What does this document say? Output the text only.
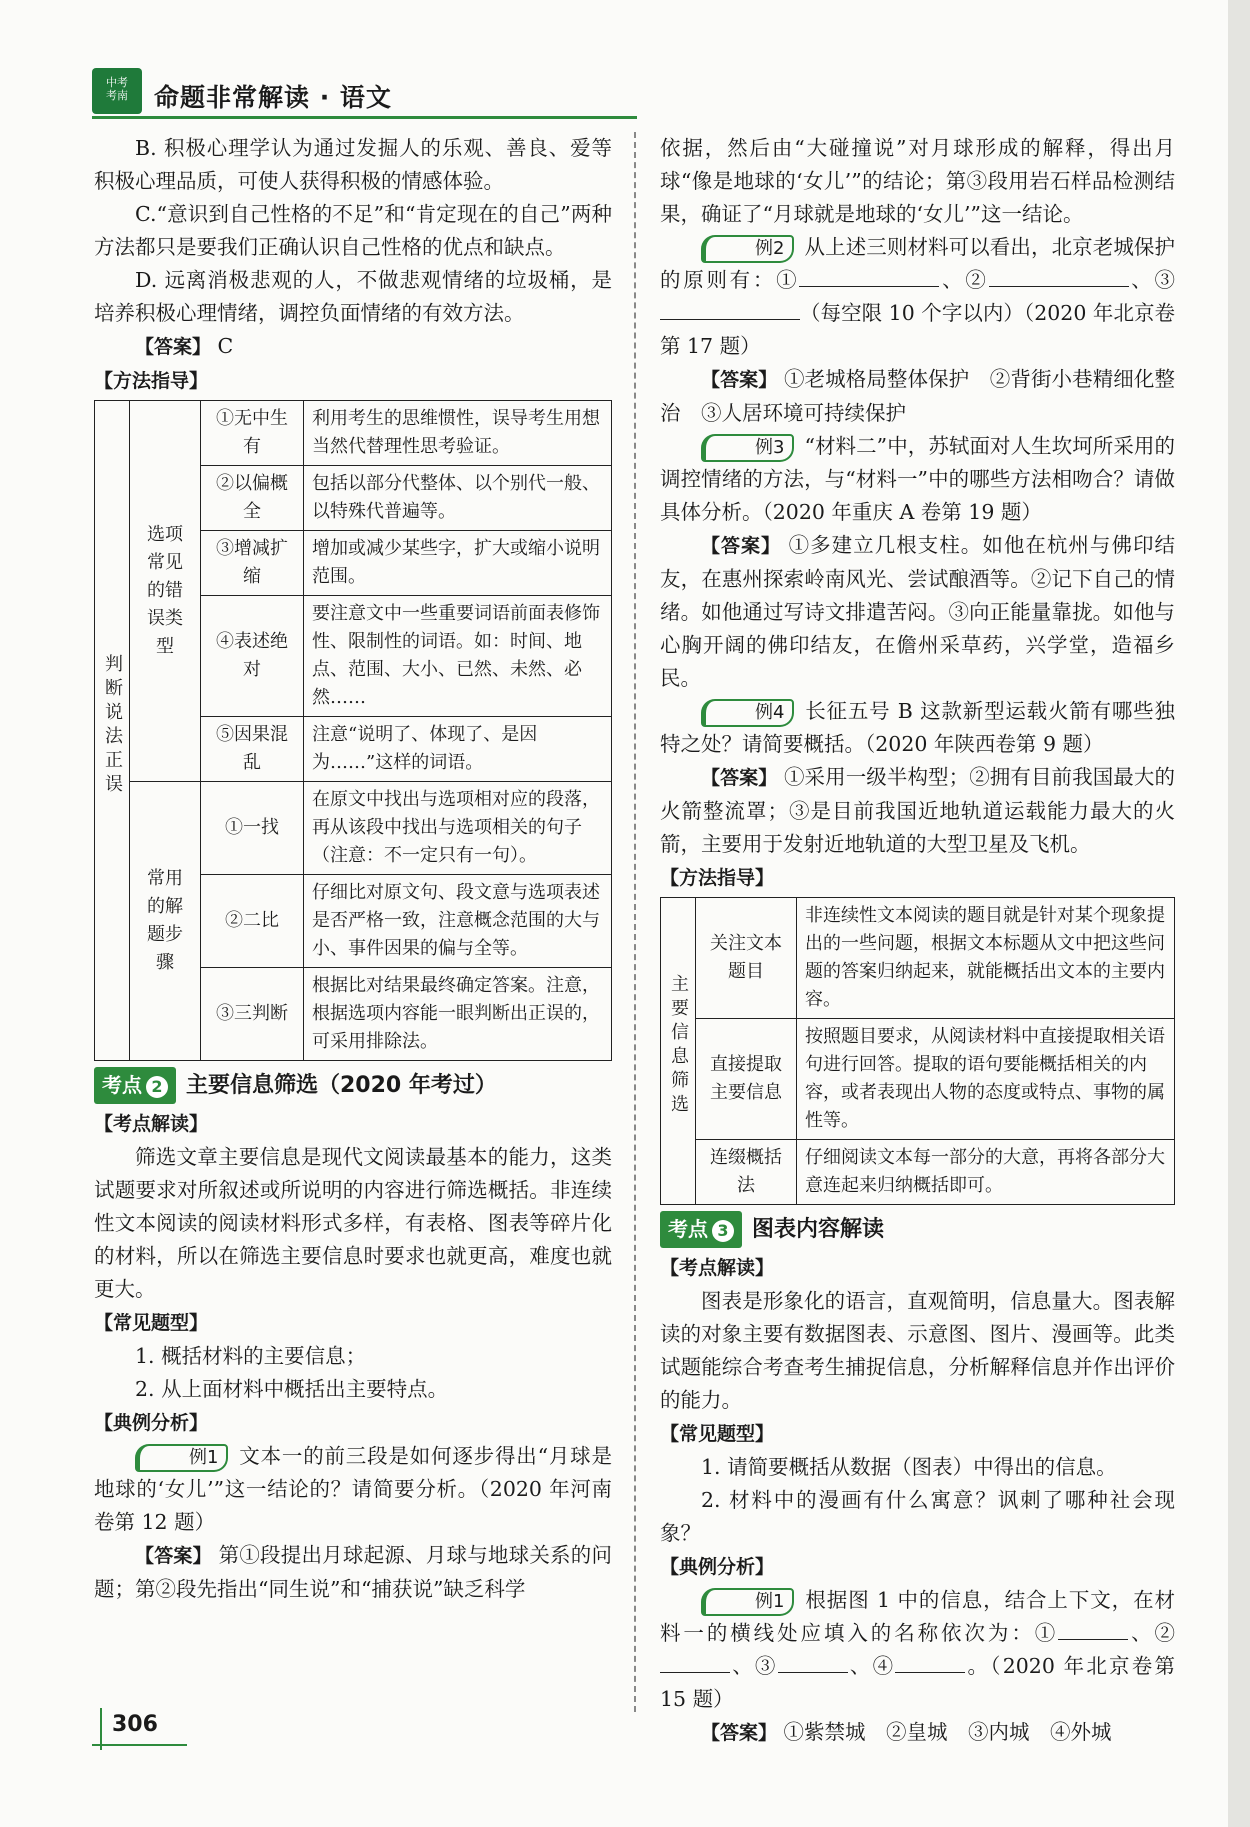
中考
考南	命题非常解读 · 语文

B. 积极心理学认为通过发掘人的乐观、善良、爱等积极心理品质，可使人获得积极的情感体验。

C.“意识到自己性格的不足”和“肯定现在的自己”两种方法都只是要我们正确认识自己性格的优点和缺点。

D. 远离消极悲观的人，不做悲观情绪的垃圾桶，是培养积极心理情绪，调控负面情绪的有效方法。

【答案】 C

【方法指导】

判断说法正误	选项常见的错误类型	①无中生有	利用考生的思维惯性，误导考生用想当然代替理性思考验证。
		②以偏概全	包括以部分代整体、以个别代一般、以特殊代普遍等。
		③增减扩缩	增加或减少某些字，扩大或缩小说明范围。
		④表述绝对	要注意文中一些重要词语前面表修饰性、限制性的词语。如：时间、地点、范围、大小、已然、未然、必然……
		⑤因果混乱	注意“说明了、体现了、是因为……”这样的词语。
	常用的解题步骤	①一找	在原文中找出与选项相对应的段落，再从该段中找出与选项相关的句子（注意：不一定只有一句）。
		②二比	仔细比对原文句、段文意与选项表述是否严格一致，注意概念范围的大与小、事件因果的偏与全等。
		③三判断	根据比对结果最终确定答案。注意，根据选项内容能一眼判断出正误的，可采用排除法。
考点 2	主要信息筛选（2020 年考过）

【考点解读】

筛选文章主要信息是现代文阅读最基本的能力，这类试题要求对所叙述或所说明的内容进行筛选概括。非连续性文本阅读的阅读材料形式多样，有表格、图表等碎片化的材料，所以在筛选主要信息时要求也就更高，难度也就更大。

【常见题型】

1. 概括材料的主要信息；

2. 从上面材料中概括出主要特点。

【典例分析】

例1 文本一的前三段是如何逐步得出“月球是地球的‘女儿’”这一结论的？请简要分析。（2020 年河南卷第 12 题）

【答案】 第①段提出月球起源、月球与地球关系的问题；第②段先指出“同生说”和“捕获说”缺乏科学

依据，然后由“大碰撞说”对月球形成的解释，得出月球“像是地球的‘女儿’”的结论；第③段用岩石样品检测结果，确证了“月球就是地球的‘女儿’”这一结论。

例2 从上述三则材料可以看出，北京老城保护的原则有：①	、②	、③（每空限 10 个字以内）（2020 年北京卷第 17 题）

【答案】 ①老城格局整体保护　②背街小巷精细化整治　③人居环境可持续保护

例3 “材料二”中，苏轼面对人生坎坷所采用的调控情绪的方法，与“材料一”中的哪些方法相吻合？请做具体分析。（2020 年重庆 A 卷第 19 题）

【答案】 ①多建立几根支柱。如他在杭州与佛印结友，在惠州探索岭南风光、尝试酿酒等。②记下自己的情绪。如他通过写诗文排遣苦闷。③向正能量靠拢。如他与心胸开阔的佛印结友，在儋州采草药，兴学堂，造福乡民。

例4 长征五号 B 这款新型运载火箭有哪些独特之处？请简要概括。（2020 年陕西卷第 9 题）

【答案】 ①采用一级半构型；②拥有目前我国最大的火箭整流罩；③是目前我国近地轨道运载能力最大的火箭，主要用于发射近地轨道的大型卫星及飞机。

【方法指导】

主要信息筛选	关注文本题目	非连续性文本阅读的题目就是针对某个现象提出的一些问题，根据文本标题从文中把这些问题的答案归纳起来，就能概括出文本的主要内容。
	直接提取主要信息	按照题目要求，从阅读材料中直接提取相关语句进行回答。提取的语句要能概括相关的内容，或者表现出人物的态度或特点、事物的属性等。
	连缀概括法	仔细阅读文本每一部分的大意，再将各部分大意连起来归纳概括即可。
考点 3	图表内容解读

【考点解读】

图表是形象化的语言，直观简明，信息量大。图表解读的对象主要有数据图表、示意图、图片、漫画等。此类试题能综合考查考生捕捉信息，分析解释信息并作出评价的能力。

【常见题型】

1. 请简要概括从数据（图表）中得出的信息。

2. 材料中的漫画有什么寓意？讽刺了哪种社会现象？

【典例分析】

例1 根据图 1 中的信息，结合上下文，在材料一的横线处应填入的名称依次为：①	、②、③	、④	。（2020 年北京卷第 15 题）

【答案】 ①紫禁城　②皇城　③内城　④外城

306
